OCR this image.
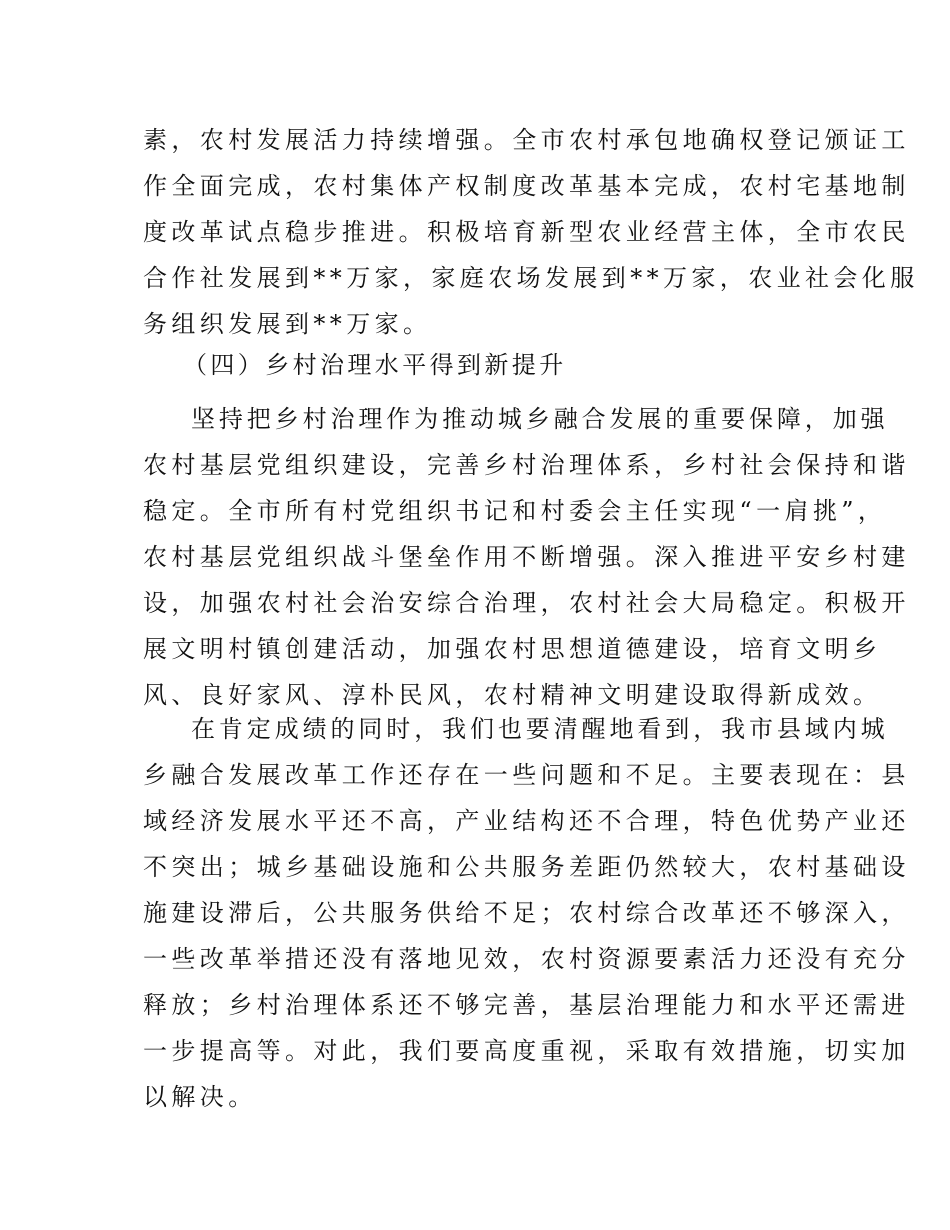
素，农村发展活力持续增强。全市农村承包地确权登记颁证工
作全面完成，农村集体产权制度改革基本完成，农村宅基地制
度改革试点稳步推进。积极培育新型农业经营主体，全市农民
合作社发展到**万家，家庭农场发展到**万家，农业社会化服
务组织发展到**万家。
（四）乡村治理水平得到新提升
坚持把乡村治理作为推动城乡融合发展的重要保障，加强
农村基层党组织建设，完善乡村治理体系，乡村社会保持和谐
稳定。全市所有村党组织书记和村委会主任实现“一肩挑”，
农村基层党组织战斗堡垒作用不断增强。深入推进平安乡村建
设，加强农村社会治安综合治理，农村社会大局稳定。积极开
展文明村镇创建活动，加强农村思想道德建设，培育文明乡
风、良好家风、淳朴民风，农村精神文明建设取得新成效。
在肯定成绩的同时，我们也要清醒地看到，我市县域内城
乡融合发展改革工作还存在一些问题和不足。主要表现在：县
域经济发展水平还不高，产业结构还不合理，特色优势产业还
不突出；城乡基础设施和公共服务差距仍然较大，农村基础设
施建设滞后，公共服务供给不足；农村综合改革还不够深入，
一些改革举措还没有落地见效，农村资源要素活力还没有充分
释放；乡村治理体系还不够完善，基层治理能力和水平还需进
一步提高等。对此，我们要高度重视，采取有效措施，切实加
以解决。
